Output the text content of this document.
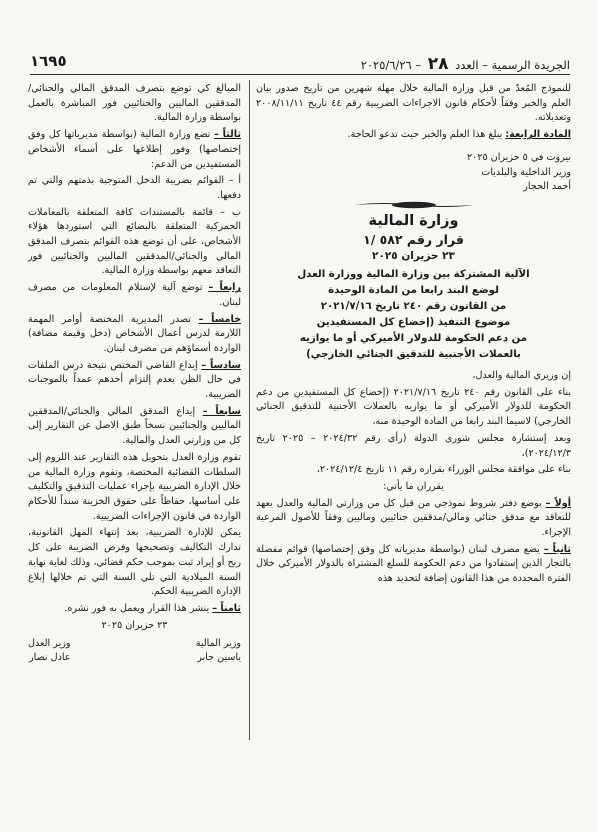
الجريدة الرسمية – العدد ٢٨ – ٢٠٢٥/٦/٢٦
١٦٩٥

للنموذج المُعدّ من قبل وزارة المالية خلال مهلة شهرين من تاريخ صدور بيان العلم والخبر وفقاً لأحكام قانون الاجراءات الضريبية رقم ٤٤ تاريخ ٢٠٠٨/١١/١١ وتعديلاته.

المادة الرابعة: يبلغ هذا العلم والخبر حيث تدعو الحاجة.

بيروت في ٥ حزيران ٢٠٢٥
وزير الداخلية والبلديات
أحمد الحجار
وزارة المالية
قرار رقم ٥٨٢ /١
٢٣ حزيران ٢٠٢٥
الآلية المشتركة بين وزارة المالية ووزارة العدل
لوضع البند رابعا من المادة الوحيدة
من القانون رقم ٢٤٠ تاريخ ٢٠٢١/٧/١٦
موضوع التنفيذ (إخضاع كل المستفيدين
من دعم الحكومة للدولار الأميركي أو ما يوازيه
بالعملات الأجنبية للتدقيق الجنائي الخارجي)

إن وزيري المالية والعدل،

بناء على القانون رقم ٢٤٠ تاريخ ٢٠٢١/٧/١٦ (إخضاع كل المستفيدين من دعم الحكومة للدولار الأميركي أو ما يوازيه بالعملات الأجنبية للتدقيق الجنائي الخارجي) لاسيما البند رابعا من المادة الوحيدة منه،

وبعد إستشارة مجلس شورى الدولة (رأي رقم ٢٠٢٤/٣٢ – ٢٠٢٥ تاريخ ٢٠٢٤/١٢/٣)،

بناء على موافقة مجلس الوزراء بقراره رقم ١١ تاريخ ٢٠٢٤/١٢/٤،

يقرران ما يأتي:

أولاً – يوضع دفتر شروط نموذجي من قبل كل من وزارتي المالية والعدل يعهد للتعاقد مع مدقق جنائي ومالي/مدققين جنائيين وماليين وفقاً للأصول المرعية الإجراء.

ثانياً – يضع مصرف لبنان (بواسطة مديرياته كل وفق إختصاصها) قوائم مفصلة بالتجار الذين إستفادوا من دعم الحكومة للسلع المشتراة بالدولار الأميركي خلال الفترة المحددة من هذا القانون إضافة لتحديد هذه

المبالغ كي توضع بتصرف المدقق المالي والجنائي/ المدققين الماليين والجنائيين فور المباشرة بالعمل بواسطة وزارة المالية.

ثالثاً – تضع وزارة المالية (بواسطة مديرياتها كل وفق إختصاصها) وفور إطلاعها على أسماء الأشخاص المستفيدين من الدعم:

أ – القوائم بضريبة الدخل المتوجبة بذمتهم والتي تم دفعها.

ب – قائمة بالمستندات كافة المتعلقة بالمعاملات الجمركية المتعلقة بالبضائع التي استوردها هؤلاء الأشخاص، على أن توضع هذه القوائم بتصرف المدقق المالي والجنائي/المدققين الماليين والجنائيين فور التعاقد معهم بواسطة وزارة المالية.

رابعاً – توضع آلية لإستلام المعلومات من مصرف لبنان.

خامساً – تصدر المديرية المختصة أوامر المهمة اللازمة لدرس أعمال الأشخاص (دخل وقيمة مضافة) الواردة أسماؤهم من مصرف لبنان.

سادساً – إيداع القاضي المختص نتيجة درس الملفات في حال الظن بعدم إلتزام أحدهم عمداً بالموجبات الضريبية.

سابعاً – إيداع المدقق المالي والجنائي/المدققين الماليين والجنائيين نسخاً طبق الاصل عن التقارير إلى كل من وزارتي العدل والمالية.

تقوم وزارة العدل بتحويل هذه التقارير عند اللزوم إلى السلطات القضائية المختصة، وتقوم وزارة المالية من خلال الإدارة الضريبية بإجراء عمليات التدقيق والتكليف على أساسها، حفاظاً على حقوق الخزينة سنداً للأحكام الواردة في قانون الإجراءات الضريبية.

يمكن للإدارة الضريبية، بعد إنتهاء المهل القانونية، تدارك التكاليف وتصحيحها وفرض الضريبة على كل ربح أو إيراد ثبت بموجب حكم قضائي، وذلك لغاية نهاية السنة الميلادية التي تلي السنة التي تم خلالها إبلاغ الإدارة الضريبية الحكم.

ثامناً – ينشر هذا القرار ويعمل به فور نشره.

٢٣ حزيران ٢٠٢٥
وزير المالية
ياسين جابر
وزير العدل
عادل نصار
